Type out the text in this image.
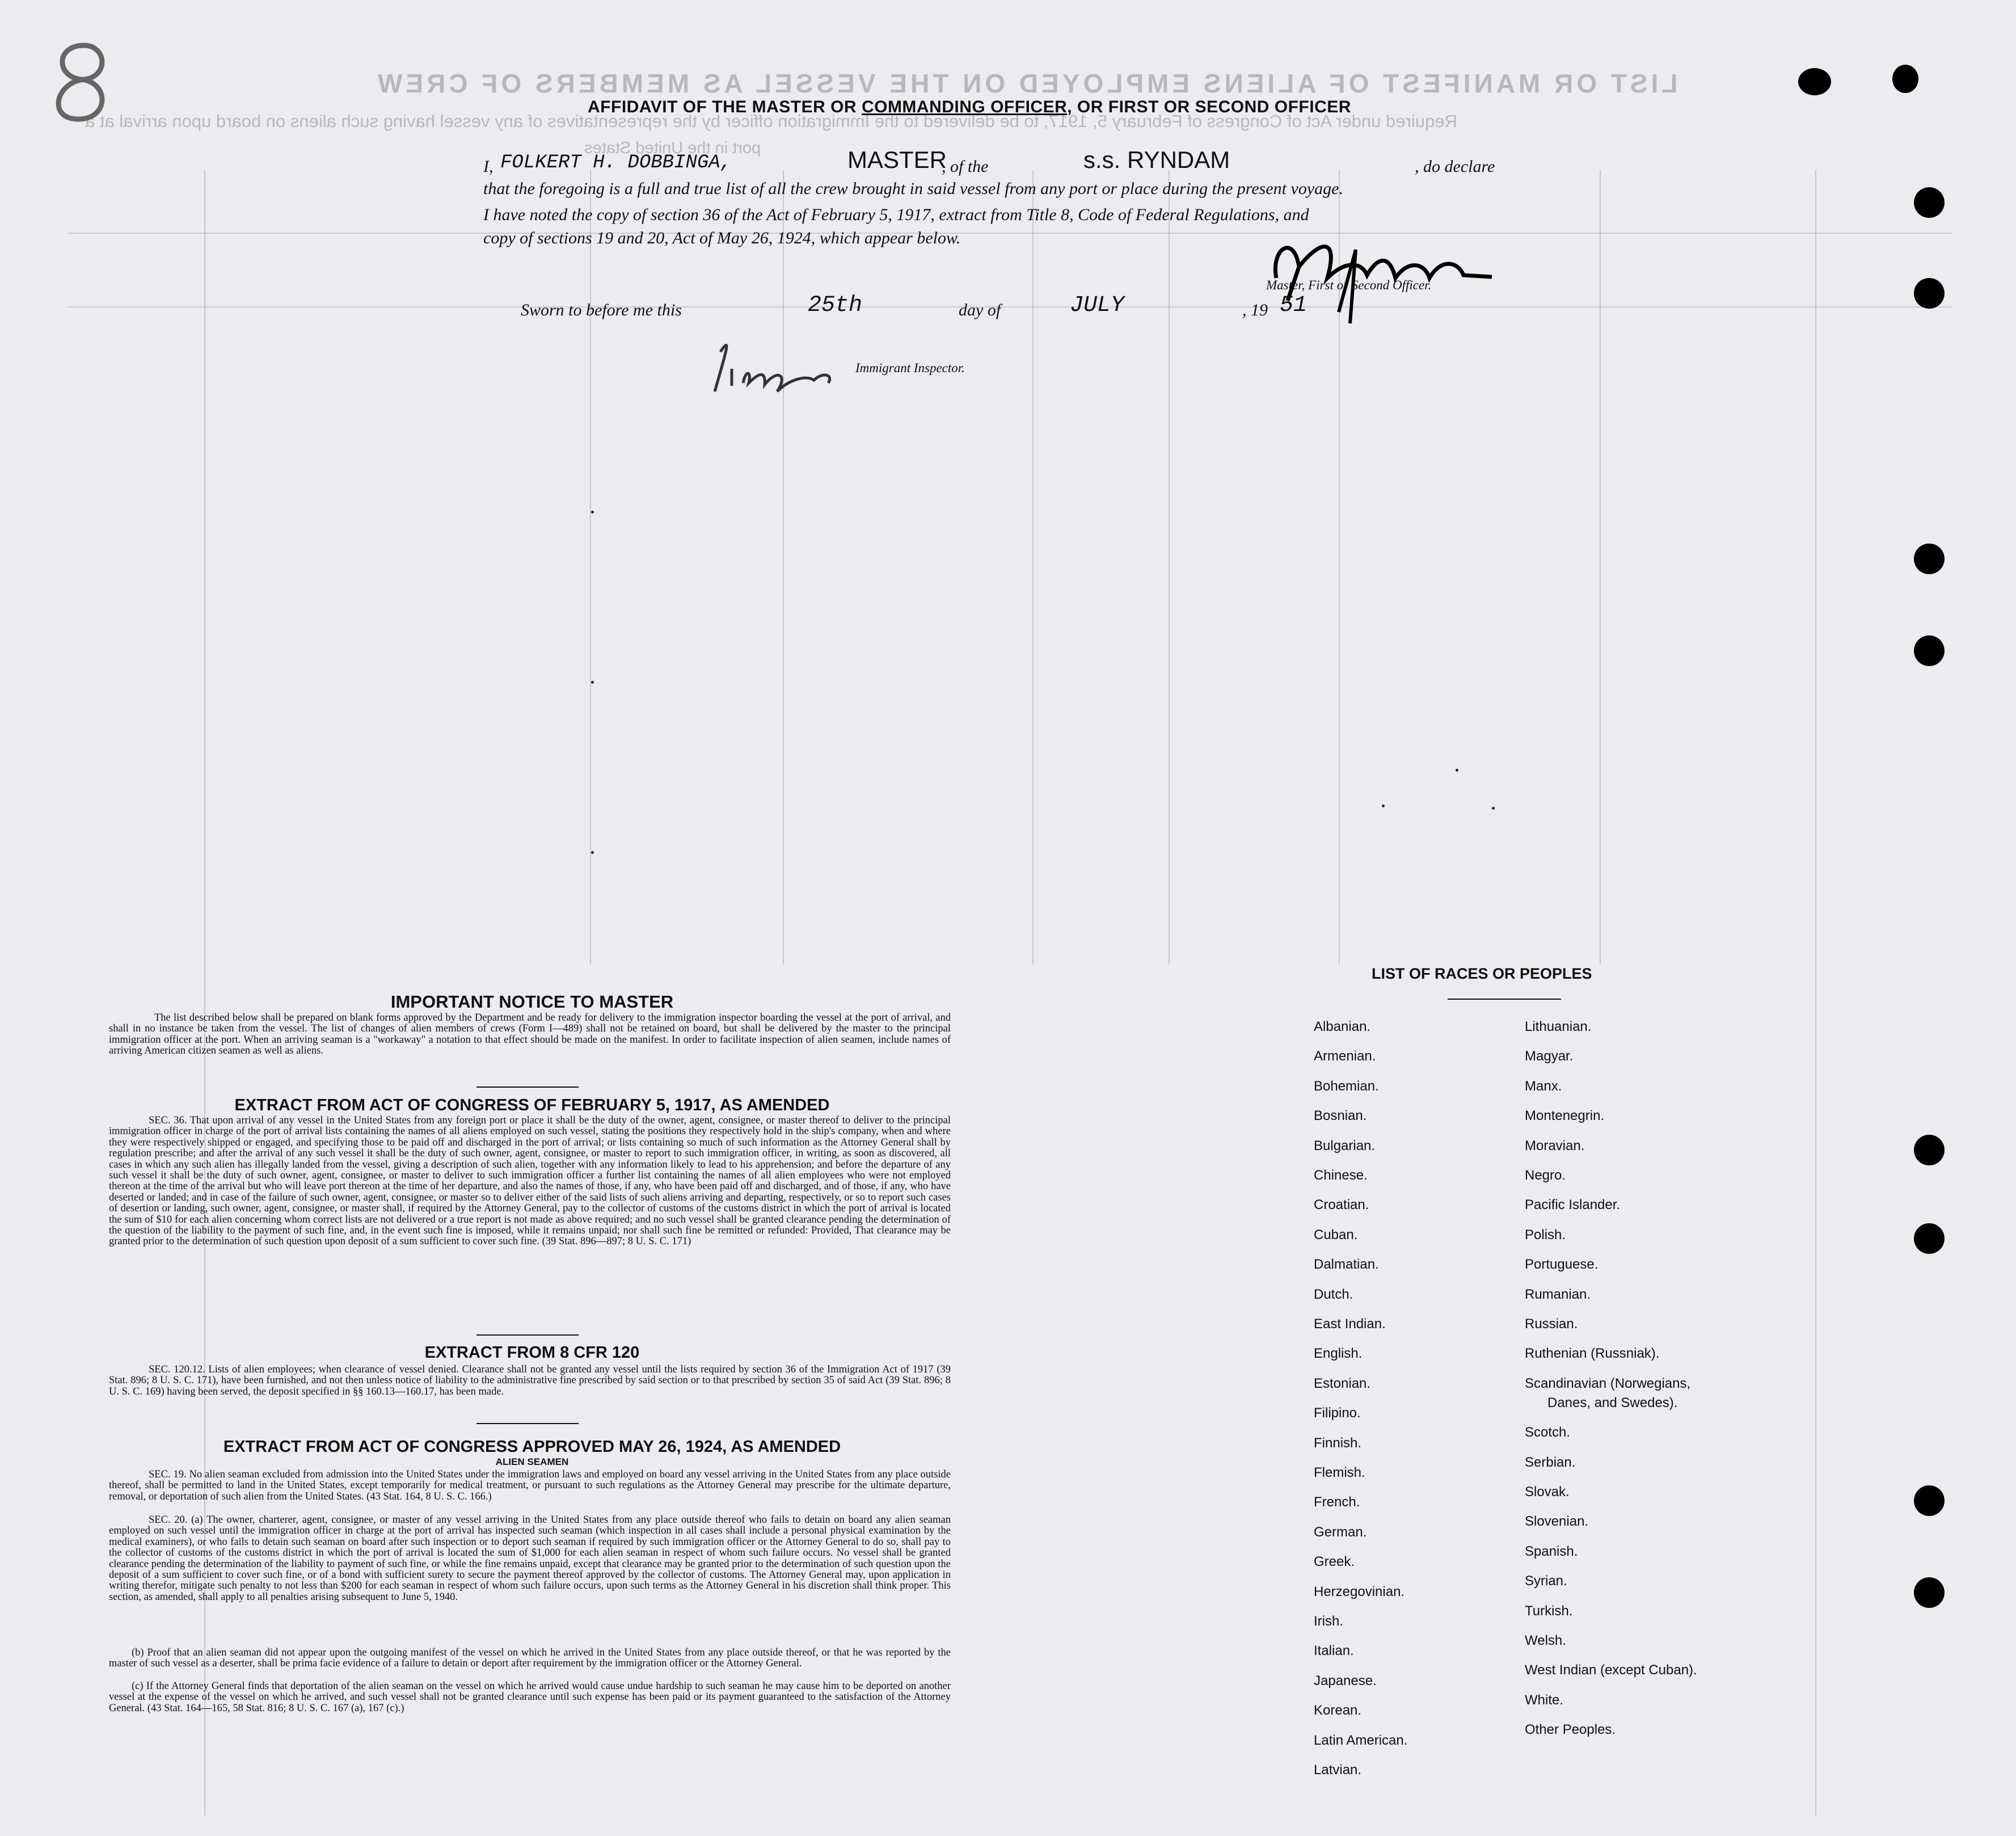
LIST OR MANIFEST OF ALIENS EMPLOYED ON THE VESSEL AS MEMBERS OF CREW
Required under Act of Congress of February 5, 1917, to be delivered to the Immigration officer by the representatives of any vessel having such aliens on board upon arrival at a
port in the United States
AFFIDAVIT OF THE MASTER OR COMMANDING OFFICER, OR FIRST OR SECOND OFFICER
I, FOLKERT H. DOBBINGA,	MASTER
, of the	s.s. RYNDAM	, do declare
that the foregoing is a full and true list of all the crew brought in said vessel from any port or place during the present voyage.
I have noted the copy of section 36 of the Act of February 5, 1917, extract from Title 8, Code of Federal Regulations, and
copy of sections 19 and 20, Act of May 26, 1924, which appear below.
Master, First or Second Officer.
Sworn to before me this	25th	day of	JULY	, 19 51
Immigrant Inspector.
IMPORTANT NOTICE TO MASTER
The list described below shall be prepared on blank forms approved by the Department and be ready for delivery to the immigration inspector boarding the vessel at the port of arrival, and shall in no instance be taken from the vessel. The list of changes of alien members of crews (Form I—489) shall not be retained on board, but shall be delivered by the master to the principal immigration officer at the port. When an arriving seaman is a "workaway" a notation to that effect should be made on the manifest. In order to facilitate inspection of alien seamen, include names of arriving American citizen seamen as well as aliens.
EXTRACT FROM ACT OF CONGRESS OF FEBRUARY 5, 1917, AS AMENDED
SEC. 36. That upon arrival of any vessel in the United States from any foreign port or place it shall be the duty of the owner, agent, consignee, or master thereof to deliver to the principal immigration officer in charge of the port of arrival lists containing the names of all aliens employed on such vessel, stating the positions they respectively hold in the ship's company, when and where they were respectively shipped or engaged, and specifying those to be paid off and discharged in the port of arrival; or lists containing so much of such information as the Attorney General shall by regulation prescribe; and after the arrival of any such vessel it shall be the duty of such owner, agent, consignee, or master to report to such immigration officer, in writing, as soon as discovered, all cases in which any such alien has illegally landed from the vessel, giving a description of such alien, together with any information likely to lead to his apprehension; and before the departure of any such vessel it shall be the duty of such owner, agent, consignee, or master to deliver to such immigration officer a further list containing the names of all alien employees who were not employed thereon at the time of the arrival but who will leave port thereon at the time of her departure, and also the names of those, if any, who have been paid off and discharged, and of those, if any, who have deserted or landed; and in case of the failure of such owner, agent, consignee, or master so to deliver either of the said lists of such aliens arriving and departing, respectively, or so to report such cases of desertion or landing, such owner, agent, consignee, or master shall, if required by the Attorney General, pay to the collector of customs of the customs district in which the port of arrival is located the sum of $10 for each alien concerning whom correct lists are not delivered or a true report is not made as above required; and no such vessel shall be granted clearance pending the determination of the question of the liability to the payment of such fine, and, in the event such fine is imposed, while it remains unpaid; nor shall such fine be remitted or refunded: Provided, That clearance may be granted prior to the determination of such question upon deposit of a sum sufficient to cover such fine. (39 Stat. 896—897; 8 U. S. C. 171)
EXTRACT FROM 8 CFR 120
SEC. 120.12. Lists of alien employees; when clearance of vessel denied. Clearance shall not be granted any vessel until the lists required by section 36 of the Immigration Act of 1917 (39 Stat. 896; 8 U. S. C. 171), have been furnished, and not then unless notice of liability to the administrative fine prescribed by said section or to that prescribed by section 35 of said Act (39 Stat. 896; 8 U. S. C. 169) having been served, the deposit specified in §§ 160.13—160.17, has been made.
EXTRACT FROM ACT OF CONGRESS APPROVED MAY 26, 1924, AS AMENDED
ALIEN SEAMEN
SEC. 19. No alien seaman excluded from admission into the United States under the immigration laws and employed on board any vessel arriving in the United States from any place outside thereof, shall be permitted to land in the United States, except temporarily for medical treatment, or pursuant to such regulations as the Attorney General may prescribe for the ultimate departure, removal, or deportation of such alien from the United States. (43 Stat. 164, 8 U. S. C. 166.)
SEC. 20. (a) The owner, charterer, agent, consignee, or master of any vessel arriving in the United States from any place outside thereof who fails to detain on board any alien seaman employed on such vessel until the immigration officer in charge at the port of arrival has inspected such seaman (which inspection in all cases shall include a personal physical examination by the medical examiners), or who fails to detain such seaman on board after such inspection or to deport such seaman if required by such immigration officer or the Attorney General to do so, shall pay to the collector of customs of the customs district in which the port of arrival is located the sum of $1,000 for each alien seaman in respect of whom such failure occurs. No vessel shall be granted clearance pending the determination of the liability to payment of such fine, or while the fine remains unpaid, except that clearance may be granted prior to the determination of such question upon the deposit of a sum sufficient to cover such fine, or of a bond with sufficient surety to secure the payment thereof approved by the collector of customs. The Attorney General may, upon application in writing therefor, mitigate such penalty to not less than $200 for each seaman in respect of whom such failure occurs, upon such terms as the Attorney General in his discretion shall think proper. This section, as amended, shall apply to all penalties arising subsequent to June 5, 1940.
(b) Proof that an alien seaman did not appear upon the outgoing manifest of the vessel on which he arrived in the United States from any place outside thereof, or that he was reported by the master of such vessel as a deserter, shall be prima facie evidence of a failure to detain or deport after requirement by the immigration officer or the Attorney General.
(c) If the Attorney General finds that deportation of the alien seaman on the vessel on which he arrived would cause undue hardship to such seaman he may cause him to be deported on another vessel at the expense of the vessel on which he arrived, and such vessel shall not be granted clearance until such expense has been paid or its payment guaranteed to the satisfaction of the Attorney General. (43 Stat. 164—165, 58 Stat. 816; 8 U. S. C. 167 (a), 167 (c).)
LIST OF RACES OR PEOPLES
Albanian.
Armenian.
Bohemian.
Bosnian.
Bulgarian.
Chinese.
Croatian.
Cuban.
Dalmatian.
Dutch.
East Indian.
English.
Estonian.
Filipino.
Finnish.
Flemish.
French.
German.
Greek.
Herzegovinian.
Irish.
Italian.
Japanese.
Korean.
Latin American.
Latvian.
Lithuanian.
Magyar.
Manx.
Montenegrin.
Moravian.
Negro.
Pacific Islander.
Polish.
Portuguese.
Rumanian.
Russian.
Ruthenian (Russniak).
Scandinavian (Norwegians,
Danes, and Swedes).
Scotch.
Serbian.
Slovak.
Slovenian.
Spanish.
Syrian.
Turkish.
Welsh.
West Indian (except Cuban).
White.
Other Peoples.
